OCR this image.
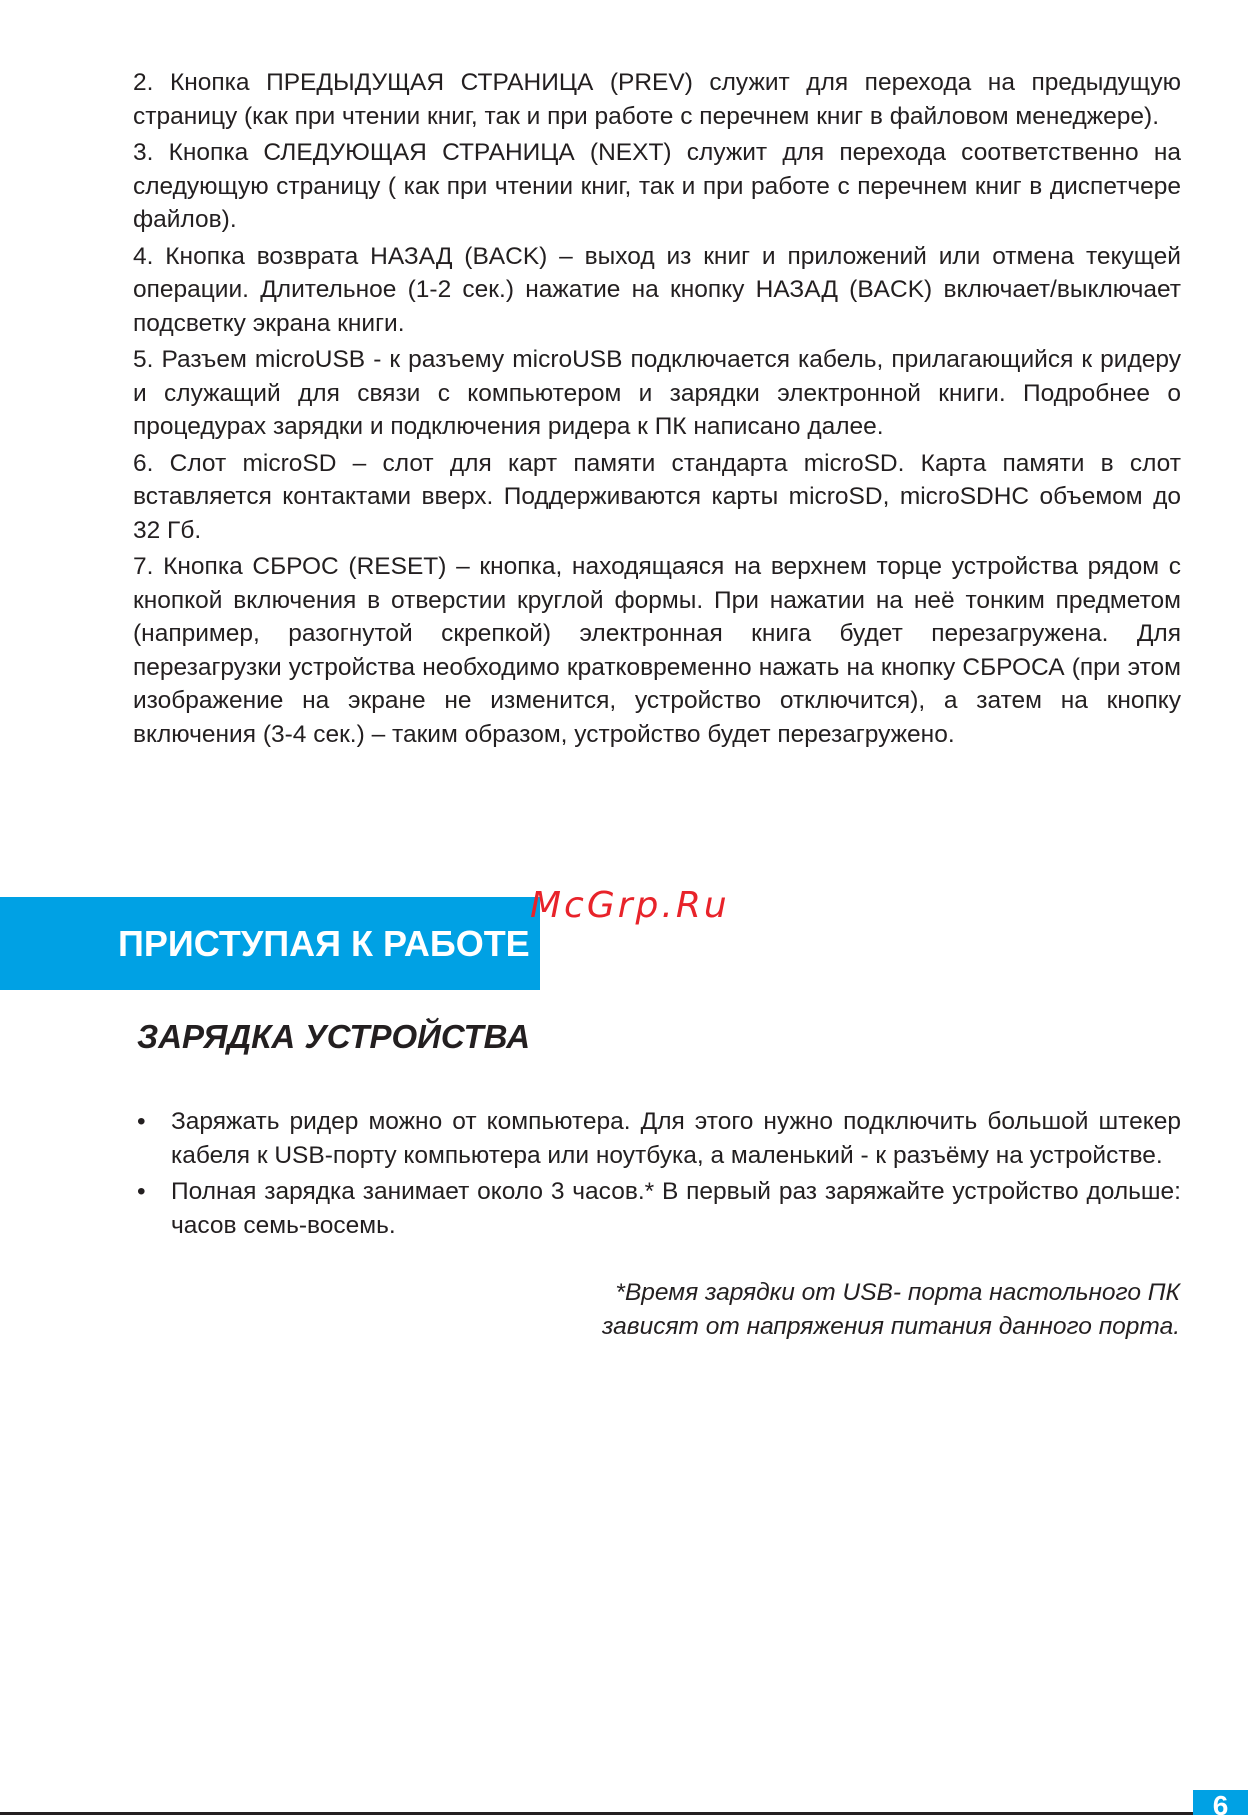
2. Кнопка ПРЕДЫДУЩАЯ СТРАНИЦА (PREV) служит для перехода на предыдущую страницу (как при чтении книг, так и при работе с перечнем книг в файловом менеджере).

3. Кнопка СЛЕДУЮЩАЯ СТРАНИЦА (NEXT) служит для перехода соответственно на следующую страницу ( как при чтении книг, так и при работе с перечнем книг в диспетчере файлов).

4. Кнопка возврата НАЗАД (BACK) – выход из книг и приложений или отмена текущей операции. Длительное (1-2 сек.) нажатие на кнопку НАЗАД (BACK) включает/выключает подсветку экрана книги.

5. Разъем microUSB - к разъему microUSB подключается кабель, прилагающийся к ридеру и служащий для связи с компьютером и зарядки электронной книги. Подробнее о процедурах зарядки и подключения ридера к ПК написано далее.

6. Слот microSD – слот для карт памяти стандарта microSD. Карта памяти в слот вставляется контактами вверх. Поддерживаются карты microSD, microSDHC объемом до 32 Гб.

7. Кнопка СБРОС (RESET) – кнопка, находящаяся на верхнем торце устройства рядом с кнопкой включения в отверстии круглой формы. При нажатии на неё тонким предметом (например, разогнутой скрепкой) электронная книга будет перезагружена. Для перезагрузки устройства необходимо кратковременно нажать на кнопку СБРОСА (при этом изображение на экране не изменится, устройство отключится), а затем на кнопку включения (3-4 сек.) – таким образом, устройство будет перезагружено.

ПРИСТУПАЯ К РАБОТЕ
McGrp.Ru
ЗАРЯДКА УСТРОЙСТВА
• Заряжать ридер можно от компьютера. Для этого нужно подключить большой штекер кабеля к USB-порту компьютера или ноутбука, а маленький - к разъёму на устройстве.
• Полная зарядка занимает около 3 часов.* В первый раз заряжайте устройство дольше: часов семь-восемь.
*Время зарядки от USB- порта настольного ПК
зависят от напряжения питания данного порта.
6
